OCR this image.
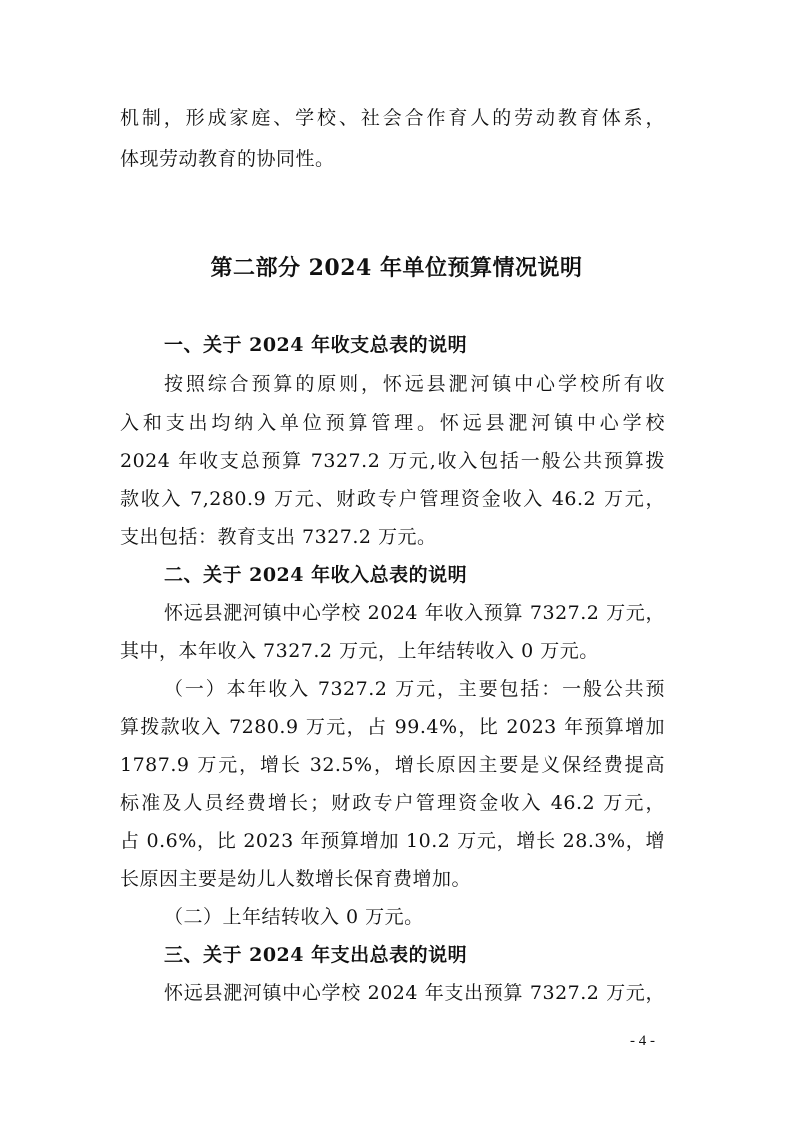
机制，形成家庭、学校、社会合作育人的劳动教育体系，
体现劳动教育的协同性。
第二部分 2024 年单位预算情况说明
一、关于 2024 年收支总表的说明
按照综合预算的原则，怀远县淝河镇中心学校所有收
入和支出均纳入单位预算管理。怀远县淝河镇中心学校
2024 年收支总预算 7327.2 万元,收入包括一般公共预算拨
款收入 7,280.9 万元、财政专户管理资金收入 46.2 万元，
支出包括：教育支出 7327.2 万元。
二、关于 2024 年收入总表的说明
怀远县淝河镇中心学校 2024 年收入预算 7327.2 万元，
其中，本年收入 7327.2 万元，上年结转收入 0 万元。
（一）本年收入 7327.2 万元，主要包括：一般公共预
算拨款收入 7280.9 万元，占 99.4%，比 2023 年预算增加
1787.9 万元，增长 32.5%，增长原因主要是义保经费提高
标准及人员经费增长；财政专户管理资金收入 46.2 万元，
占 0.6%，比 2023 年预算增加 10.2 万元，增长 28.3%，增
长原因主要是幼儿人数增长保育费增加。
（二）上年结转收入 0 万元。
三、关于 2024 年支出总表的说明
怀远县淝河镇中心学校 2024 年支出预算 7327.2 万元，
- 4 -
